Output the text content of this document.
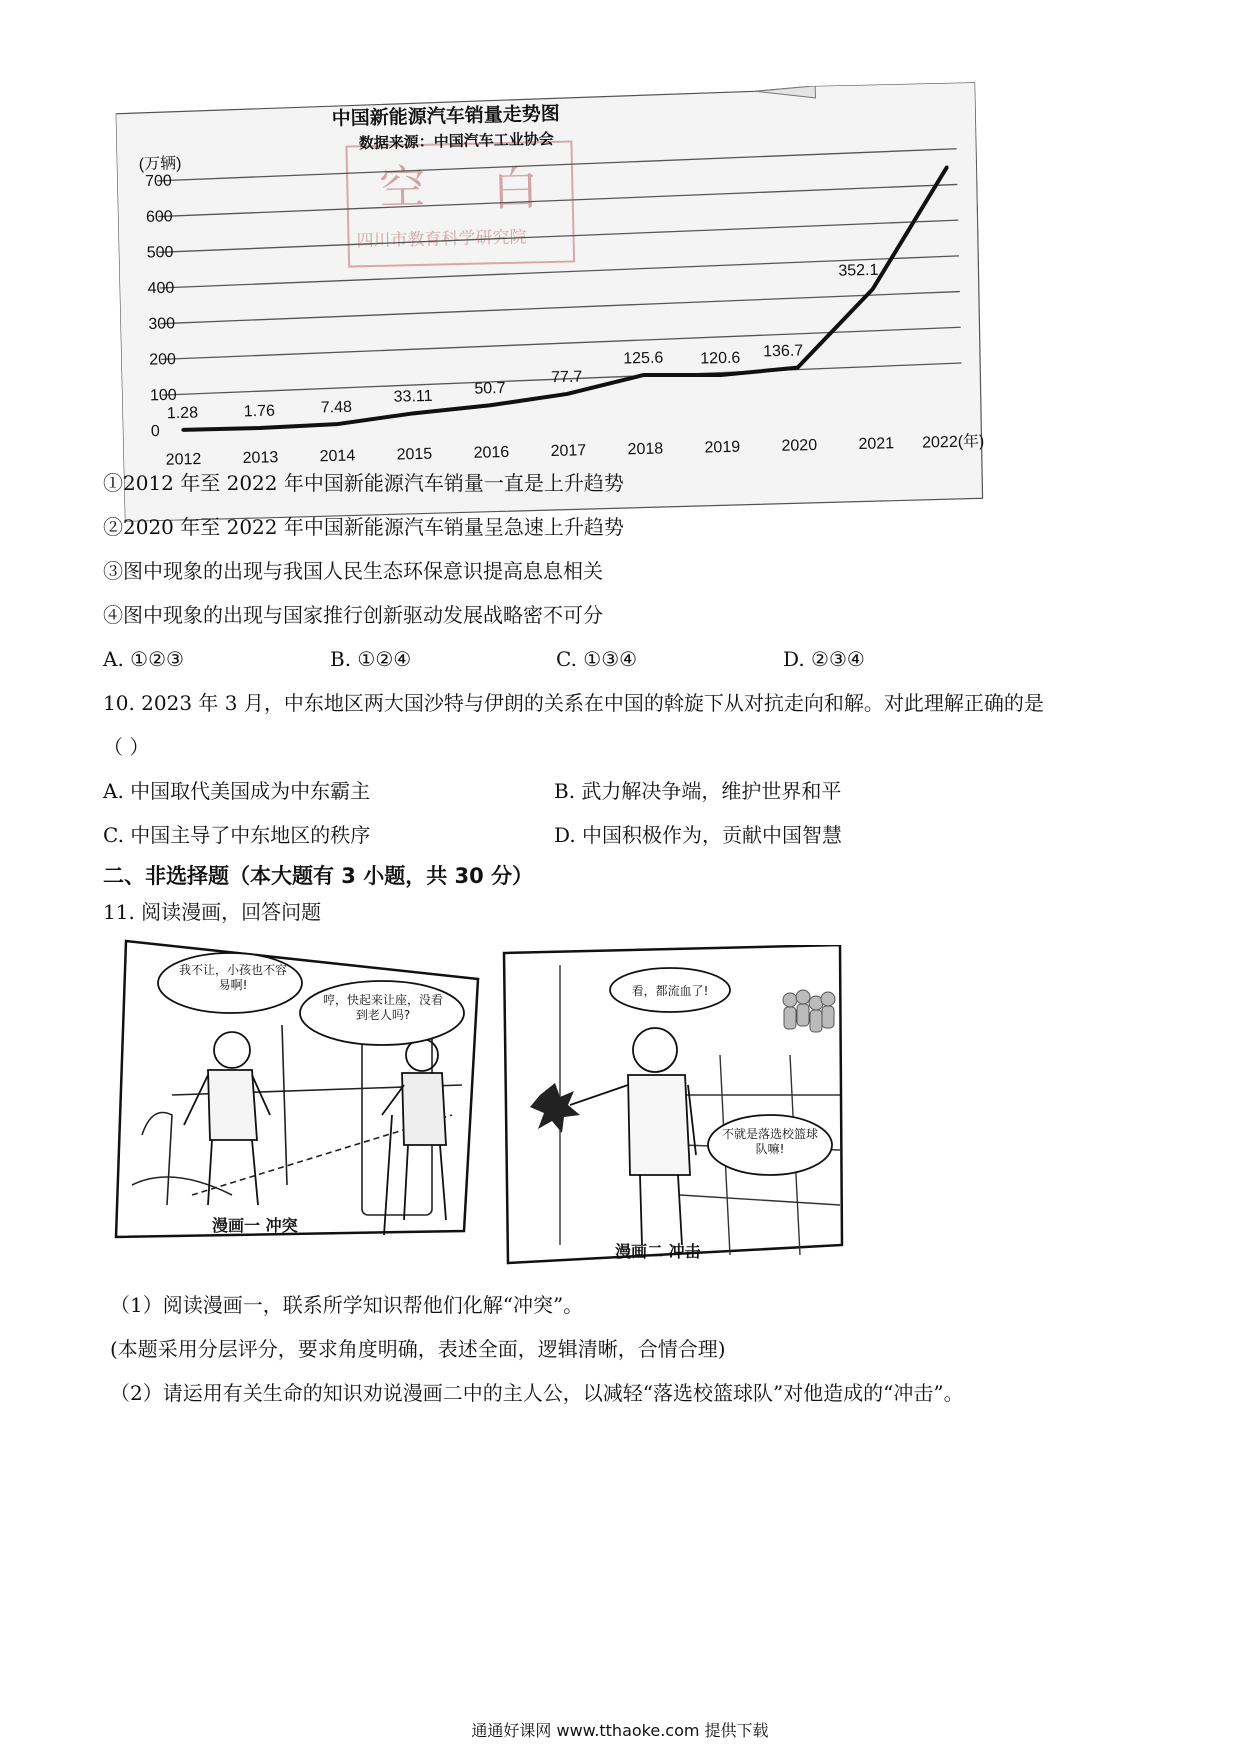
空 白
四川市教育科学研究院
中国新能源汽车销量走势图
数据来源：中国汽车工业协会
(万辆)
0
100
200
300
400
500
600
700
2012	2013	2014	2015	2016	2017	2018	2019	2020	2021 2022(年)
1.28	1.76	7.48
33.11	50.7
77.7
125.6 120.6 136.7
352.1
①2012 年至 2022 年中国新能源汽车销量一直是上升趋势
②2020 年至 2022 年中国新能源汽车销量呈急速上升趋势
③图中现象的出现与我国人民生态环保意识提高息息相关
④图中现象的出现与国家推行创新驱动发展战略密不可分
A. ①②③	B. ①②④	C. ①③④	D. ②③④
10. 2023 年 3 月，中东地区两大国沙特与伊朗的关系在中国的斡旋下从对抗走向和解。对此理解正确的是
（ ）
A. 中国取代美国成为中东霸主	B. 武力解决争端，维护世界和平
C. 中国主导了中东地区的秩序	D. 中国积极作为，贡献中国智慧
二、非选择题（本大题有 3 小题，共 30 分）
11. 阅读漫画，回答问题
我不让，小孩也不容易啊!
哼，快起来让座，没看到老人吗?
漫画一 冲突
看，都流血了!
不就是落选校篮球队嘛!
漫画二 冲击
（1）阅读漫画一，联系所学知识帮他们化解“冲突”。
(本题采用分层评分，要求角度明确，表述全面，逻辑清晰，合情合理)
（2）请运用有关生命的知识劝说漫画二中的主人公，以减轻“落选校篮球队”对他造成的“冲击”。
通通好课网 www.tthaoke.com 提供下载
